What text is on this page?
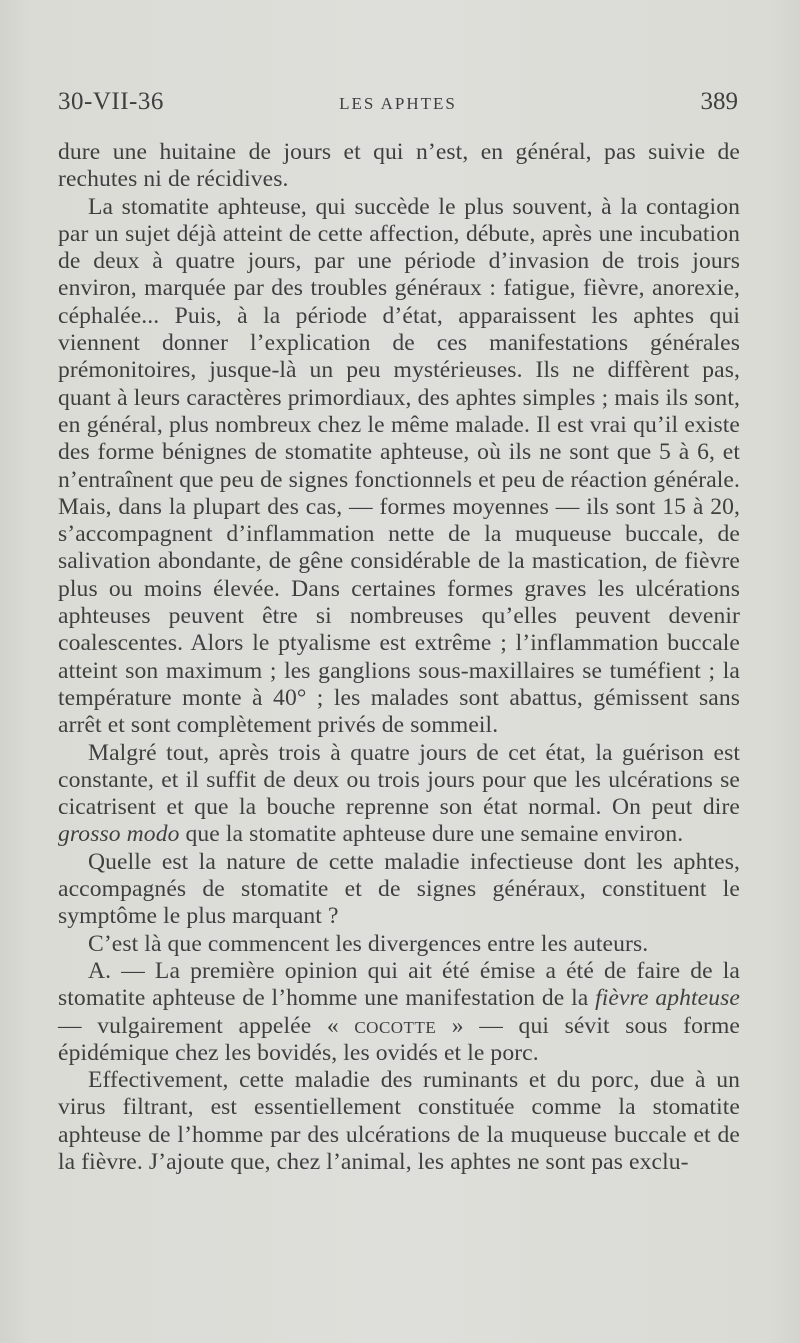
30-VII-36	LES APHTES	389

dure une huitaine de jours et qui n’est, en général, pas suivie de rechutes ni de récidives.

La stomatite aphteuse, qui succède le plus souvent, à la contagion par un sujet déjà atteint de cette affection, débute, après une incubation de deux à quatre jours, par une période d’invasion de trois jours environ, marquée par des troubles généraux : fatigue, fièvre, anorexie, céphalée... Puis, à la période d’état, apparaissent les aphtes qui viennent donner l’explication de ces manifestations générales prémonitoires, jusque-là un peu mystérieuses. Ils ne diffèrent pas, quant à leurs caractères primordiaux, des aphtes simples ; mais ils sont, en général, plus nombreux chez le même malade. Il est vrai qu’il existe des forme bénignes de stomatite aphteuse, où ils ne sont que 5 à 6, et n’entraînent que peu de signes fonctionnels et peu de réaction générale. Mais, dans la plupart des cas, — formes moyennes — ils sont 15 à 20, s’accompagnent d’inflammation nette de la muqueuse buccale, de salivation abondante, de gêne considérable de la mastication, de fièvre plus ou moins élevée. Dans certaines formes graves les ulcérations aphteuses peuvent être si nombreuses qu’elles peuvent devenir coalescentes. Alors le ptyalisme est extrême ; l’inflammation buccale atteint son maximum ; les ganglions sous-maxillaires se tuméfient ; la température monte à 40° ; les malades sont abattus, gémissent sans arrêt et sont complètement privés de sommeil.

Malgré tout, après trois à quatre jours de cet état, la guérison est constante, et il suffit de deux ou trois jours pour que les ulcérations se cicatrisent et que la bouche reprenne son état normal. On peut dire grosso modo que la stomatite aphteuse dure une semaine environ.

Quelle est la nature de cette maladie infectieuse dont les aphtes, accompagnés de stomatite et de signes généraux, constituent le symptôme le plus marquant ?

C’est là que commencent les divergences entre les auteurs.

A. — La première opinion qui ait été émise a été de faire de la stomatite aphteuse de l’homme une manifestation de la fièvre aphteuse — vulgairement appelée « cocotte » — qui sévit sous forme épidémique chez les bovidés, les ovidés et le porc.

Effectivement, cette maladie des ruminants et du porc, due à un virus filtrant, est essentiellement constituée comme la stomatite aphteuse de l’homme par des ulcérations de la muqueuse buccale et de la fièvre. J’ajoute que, chez l’animal, les aphtes ne sont pas exclu-
